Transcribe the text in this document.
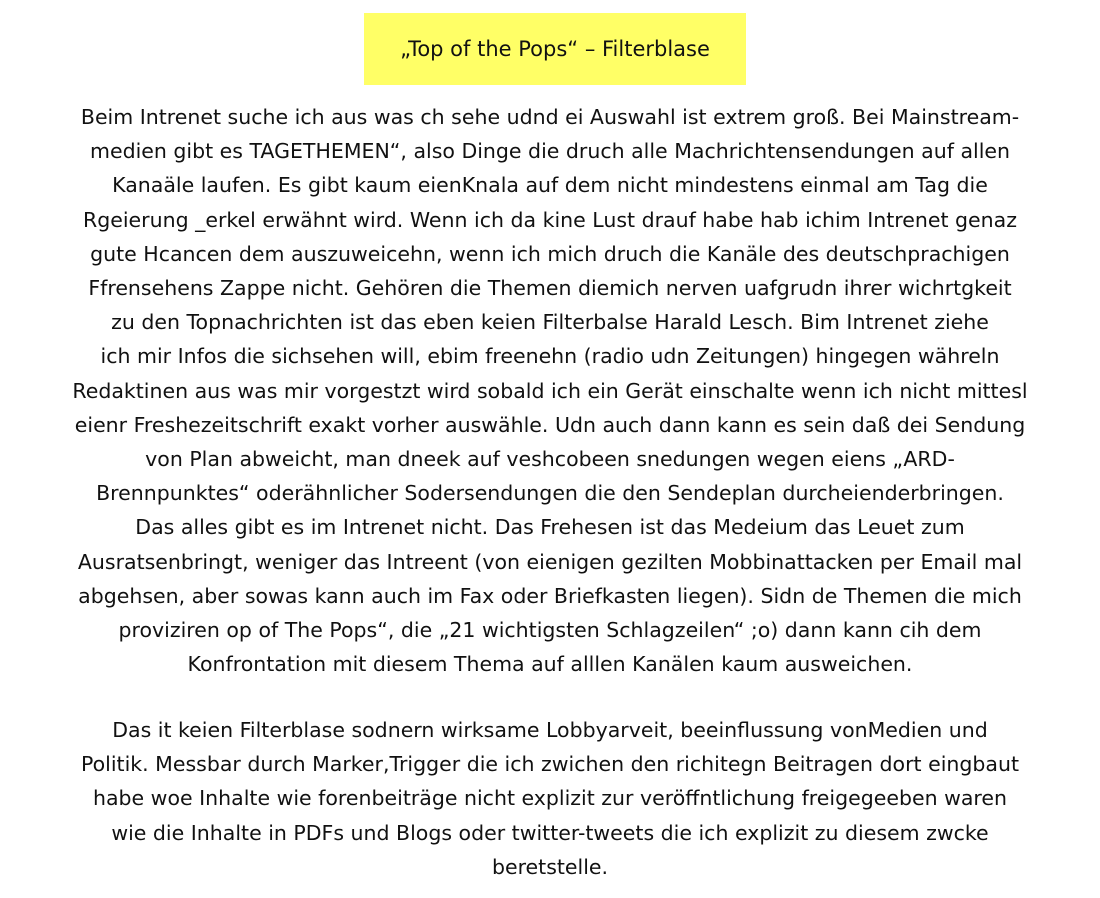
„Top of the Pops“ – Filterblase
Beim Intrenet suche ich aus was ch sehe udnd ei Auswahl ist extrem groß. Bei Mainstream-
medien gibt es TAGETHEMEN“, also Dinge die druch alle Machrichtensendungen auf allen
Kanaäle laufen. Es gibt kaum eienKnala auf dem nicht mindestens einmal am Tag die
Rgeierung _erkel erwähnt wird. Wenn ich da kine Lust drauf habe hab ichim Intrenet genaz
gute Hcancen dem auszuweicehn, wenn ich mich druch die Kanäle des deutschprachigen
Ffrensehens Zappe nicht. Gehören die Themen diemich nerven uafgrudn ihrer wichrtgkeit
zu den Topnachrichten ist das eben keien Filterbalse Harald Lesch. Bim Intrenet ziehe
ich mir Infos die sichsehen will, ebim freenehn (radio udn Zeitungen) hingegen währeln
Redaktinen aus was mir vorgestzt wird sobald ich ein Gerät einschalte wenn ich nicht mittesl
eienr Freshezeitschrift exakt vorher auswähle. Udn auch dann kann es sein daß dei Sendung
von Plan abweicht, man dneek auf veshcobeen snedungen wegen eiens „ARD-
Brennpunktes“ oderähnlicher Sodersendungen die den Sendeplan durcheienderbringen.
Das alles gibt es im Intrenet nicht. Das Frehesen ist das Medeium das Leuet zum
Ausratsenbringt, weniger das Intreent (von eienigen gezilten Mobbinattacken per Email mal
abgehsen, aber sowas kann auch im Fax oder Briefkasten liegen). Sidn de Themen die mich
proviziren op of The Pops“, die „21 wichtigsten Schlagzeilen“ ;o) dann kann cih dem
Konfrontation mit diesem Thema auf alllen Kanälen kaum ausweichen.
Das it keien Filterblase sodnern wirksame Lobbyarveit, beeinflussung vonMedien und
Politik. Messbar durch Marker,Trigger die ich zwichen den richitegn Beitragen dort eingbaut
habe woe Inhalte wie forenbeiträge nicht explizit zur veröffntlichung freigegeeben waren
wie die Inhalte in PDFs und Blogs oder twitter-tweets die ich explizit zu diesem zwcke
beretstelle.
